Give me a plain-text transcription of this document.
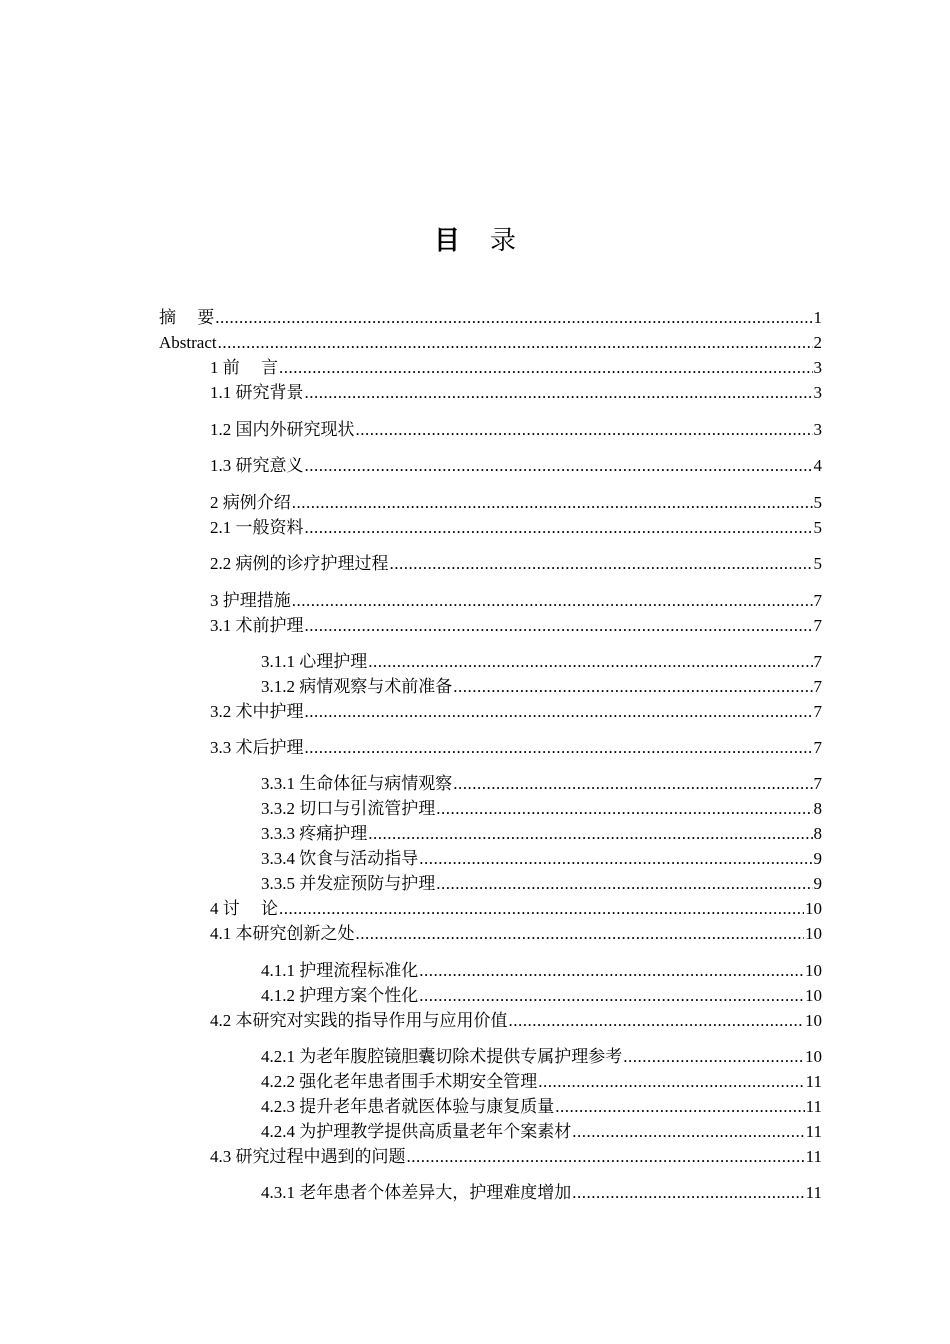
目 录
摘　 要 .....	1
Abstract .....	2
1 前　 言 .....	3
1.1 研究背景 .....	3
1.2 国内外研究现状 .....	3
1.3 研究意义 .....	4
2 病例介绍 .....	5
2.1 一般资料 .....	5
2.2 病例的诊疗护理过程 .....	5
3 护理措施 .....	7
3.1 术前护理 .....	7
3.1.1 心理护理 .....	7
3.1.2 病情观察与术前准备 .....	7
3.2 术中护理 .....	7
3.3 术后护理 .....	7
3.3.1 生命体征与病情观察 .....	7
3.3.2 切口与引流管护理 .....	8
3.3.3 疼痛护理 .....	8
3.3.4 饮食与活动指导 .....	9
3.3.5 并发症预防与护理 .....	9
4 讨　 论 .....	10
4.1 本研究创新之处 .....	10
4.1.1 护理流程标准化 .....	10
4.1.2 护理方案个性化 .....	10
4.2 本研究对实践的指导作用与应用价值 .....	10
4.2.1 为老年腹腔镜胆囊切除术提供专属护理参考 .....	10
4.2.2 强化老年患者围手术期安全管理 .....	11
4.2.3 提升老年患者就医体验与康复质量 .....	11
4.2.4 为护理教学提供高质量老年个案素材 .....	11
4.3 研究过程中遇到的问题 .....	11
4.3.1 老年患者个体差异大，护理难度增加 .....	11
